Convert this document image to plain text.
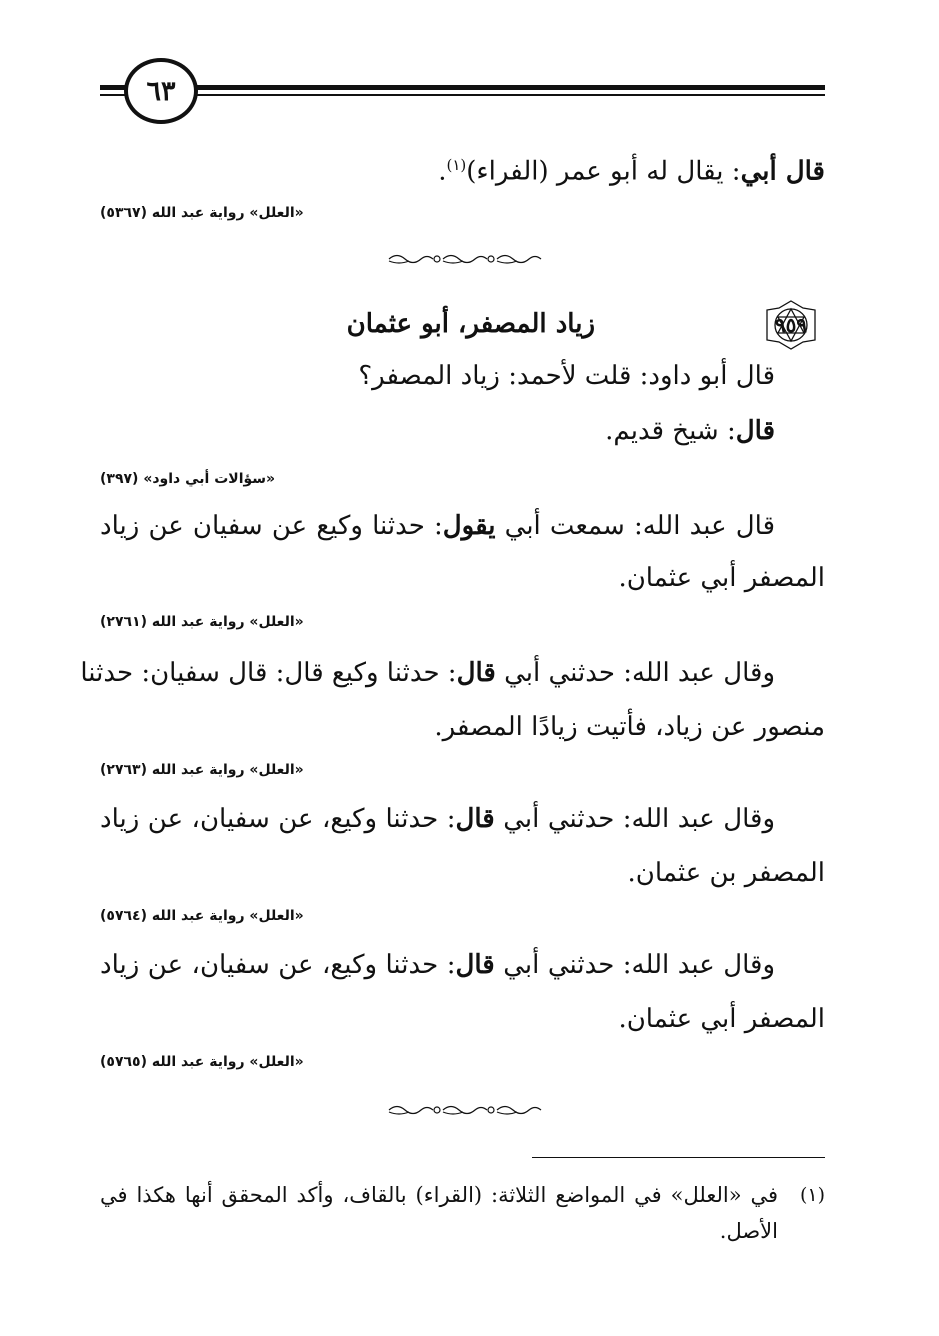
٦٣

قال أبي: يقال له أبو عمر (الفراء)$^{(١)}$.

«العلل» رواية عبد الله (٥٣٦٧)

٩٥٩
زياد المصفر، أبو عثمان

قال أبو داود: قلت لأحمد: زياد المصفر؟

قال: شيخ قديم.

«سؤالات أبي داود» (٣٩٧)

قال عبد الله: سمعت أبي يقول: حدثنا وكيع عن سفيان عن زياد

المصفر أبي عثمان.

«العلل» رواية عبد الله (٢٧٦١)

وقال عبد الله: حدثني أبي قال: حدثنا وكيع قال: قال سفيان: حدثنا

منصور عن زياد، فأتيت زيادًا المصفر.

«العلل» رواية عبد الله (٢٧٦٣)

وقال عبد الله: حدثني أبي قال: حدثنا وكيع، عن سفيان، عن زياد

المصفر بن عثمان.

«العلل» رواية عبد الله (٥٧٦٤)

وقال عبد الله: حدثني أبي قال: حدثنا وكيع، عن سفيان، عن زياد

المصفر أبي عثمان.

«العلل» رواية عبد الله (٥٧٦٥)

(١)

في «العلل» في المواضع الثلاثة: (القراء) بالقاف، وأكد المحقق أنها هكذا في

الأصل.
